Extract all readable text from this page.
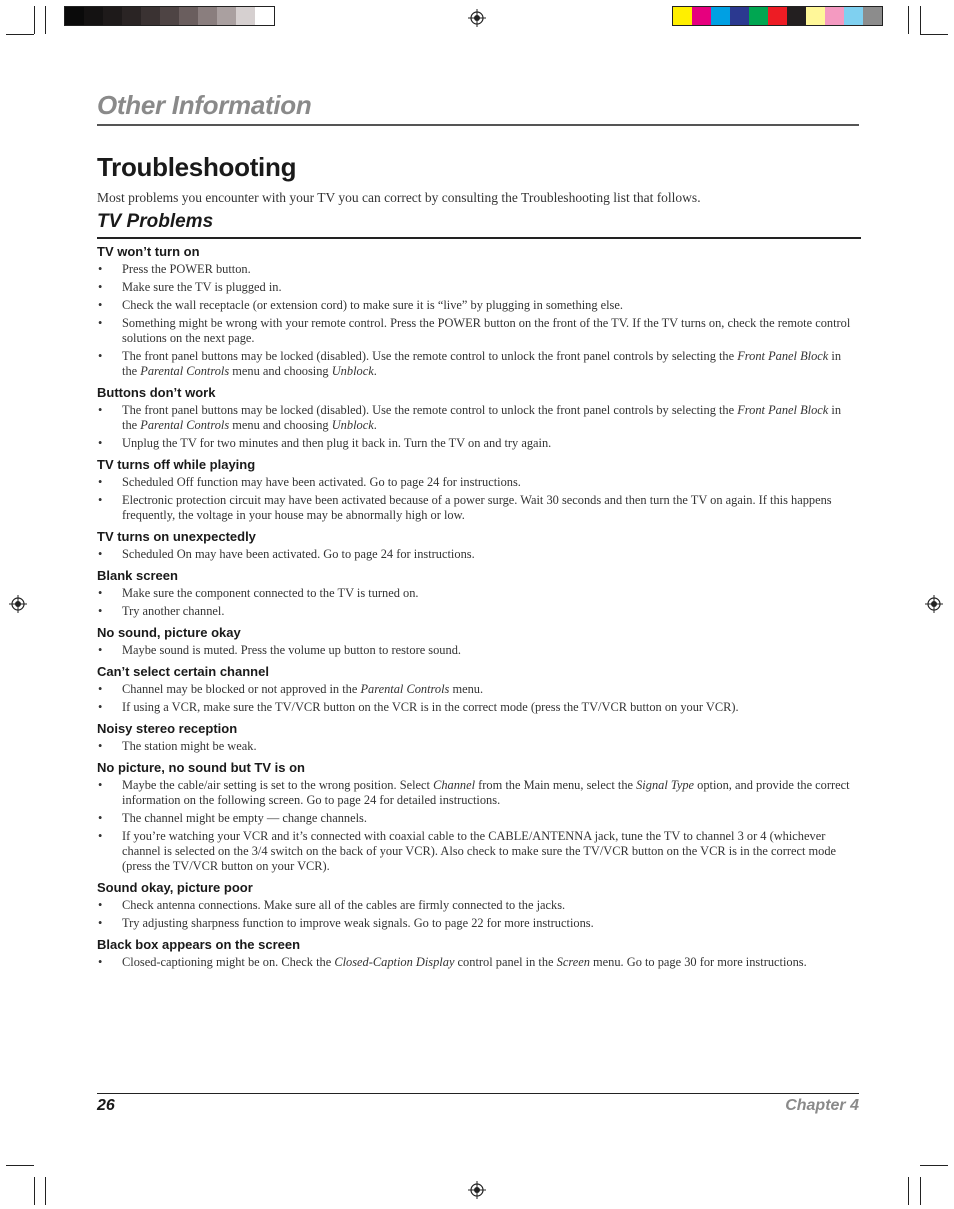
Other Information
Troubleshooting
Most problems you encounter with your TV you can correct by consulting the Troubleshooting list that follows.
TV Problems
TV won’t turn on
• Press the POWER button.
• Make sure the TV is plugged in.
• Check the wall receptacle (or extension cord) to make sure it is “live” by plugging in something else.
• Something might be wrong with your remote control. Press the POWER button on the front of the TV. If the TV turns on, check the remote control solutions on the next page.
• The front panel buttons may be locked (disabled). Use the remote control to unlock the front panel controls by selecting the Front Panel Block in the Parental Controls menu and choosing Unblock.
Buttons don’t work
• The front panel buttons may be locked (disabled). Use the remote control to unlock the front panel controls by selecting the Front Panel Block in the Parental Controls menu and choosing Unblock.
• Unplug the TV for two minutes and then plug it back in. Turn the TV on and try again.
TV turns off while playing
• Scheduled Off function may have been activated. Go to page 24 for instructions.
• Electronic protection circuit may have been activated because of a power surge. Wait 30 seconds and then turn the TV on again. If this happens frequently, the voltage in your house may be abnormally high or low.
TV turns on unexpectedly
• Scheduled On may have been activated. Go to page 24 for instructions.
Blank screen
• Make sure the component connected to the TV is turned on.
• Try another channel.
No sound, picture okay
• Maybe sound is muted. Press the volume up button to restore sound.
Can’t select certain channel
• Channel may be blocked or not approved in the Parental Controls menu.
• If using a VCR, make sure the TV/VCR button on the VCR is in the correct mode (press the TV/VCR button on your VCR).
Noisy stereo reception
• The station might be weak.
No picture, no sound but TV is on
• Maybe the cable/air setting is set to the wrong position. Select Channel from the Main menu, select the Signal Type option, and provide the correct information on the following screen. Go to page 24 for detailed instructions.
• The channel might be empty — change channels.
• If you’re watching your VCR and it’s connected with coaxial cable to the CABLE/ANTENNA jack, tune the TV to channel 3 or 4 (whichever channel is selected on the 3/4 switch on the back of your VCR). Also check to make sure the TV/VCR button on the VCR is in the correct mode (press the TV/VCR button on your VCR).
Sound okay, picture poor
• Check antenna connections. Make sure all of the cables are firmly connected to the jacks.
• Try adjusting sharpness function to improve weak signals. Go to page 22 for more instructions.
Black box appears on the screen
• Closed-captioning might be on. Check the Closed-Caption Display control panel in the Screen menu. Go to page 30 for more instructions.
26	Chapter 4
